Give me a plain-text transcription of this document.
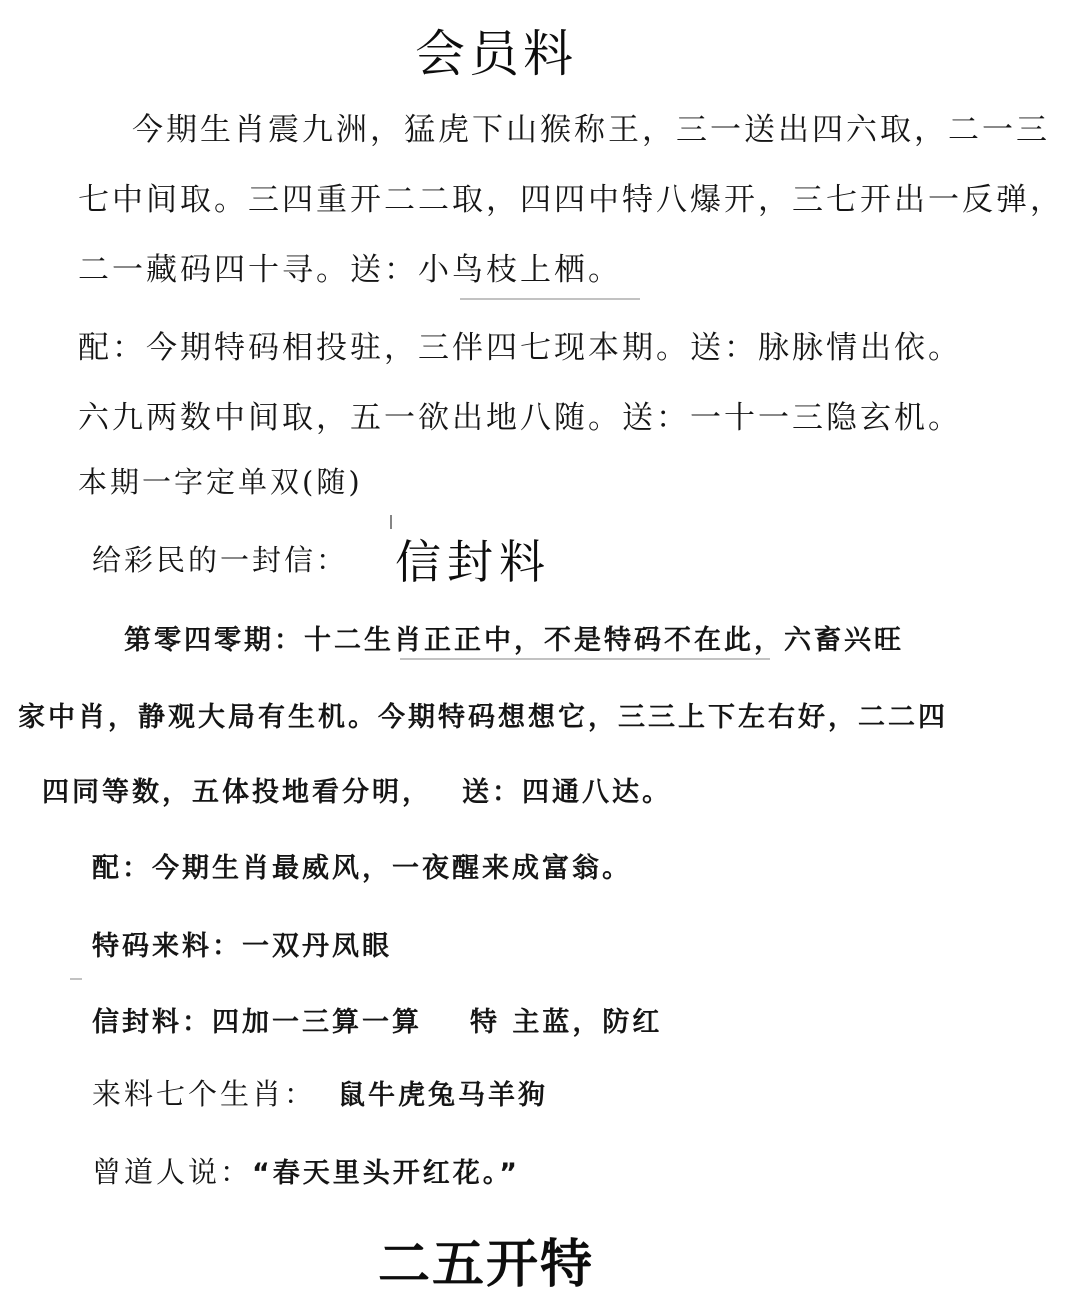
会员料
今期生肖震九洲，猛虎下山猴称王，三一送出四六取，二一三
七中间取。三四重开二二取，四四中特八爆开，三七开出一反弹，
二一藏码四十寻。送：小鸟枝上栖。
配：今期特码相投驻，三伴四七现本期。送：脉脉情出依。
六九两数中间取，五一欲出地八随。送：一十一三隐玄机。
本期一字定单双(随)
给彩民的一封信： 信封料
第零四零期：十二生肖正正中，不是特码不在此，六畜兴旺
家中肖，静观大局有生机。今期特码想想它，三三上下左右好，二二四
四同等数，五体投地看分明， 送：四通八达。
配：今期生肖最威风，一夜醒来成富翁。
特码来料：一双丹凤眼
信封料：四加一三算一算 特 主蓝，防红
来料七个生肖： 鼠牛虎兔马羊狗
曾道人说：“春天里头开红花。”
二五开特
